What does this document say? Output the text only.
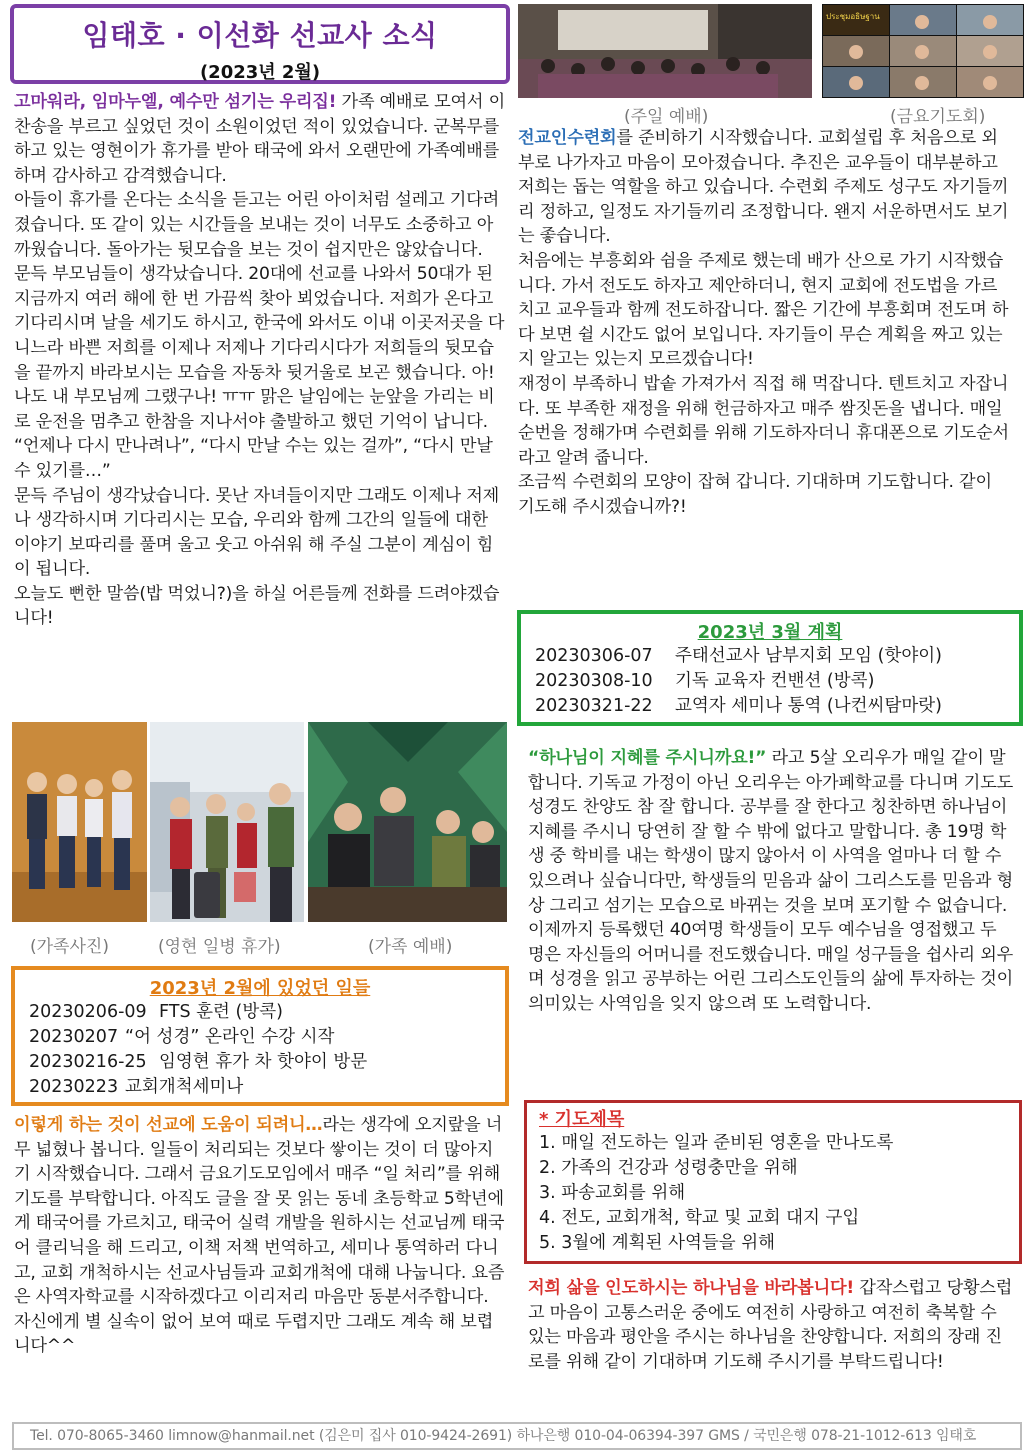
임태호 · 이선화 선교사 소식
(2023년 2월)

고마워라, 임마누엘, 예수만 섬기는 우리집! 가족 예배로 모여서 이 찬송을 부르고 싶었던 것이 소원이었던 적이 있었습니다. 군복무를 하고 있는 영현이가 휴가를 받아 태국에 와서 오랜만에 가족예배를 하며 감사하고 감격했습니다.

아들이 휴가를 온다는 소식을 듣고는 어린 아이처럼 설레고 기다려졌습니다. 또 같이 있는 시간들을 보내는 것이 너무도 소중하고 아까웠습니다. 돌아가는 뒷모습을 보는 것이 쉽지만은 않았습니다.

문득 부모님들이 생각났습니다. 20대에 선교를 나와서 50대가 된 지금까지 여러 해에 한 번 가끔씩 찾아 뵈었습니다. 저희가 온다고 기다리시며 날을 세기도 하시고, 한국에 와서도 이내 이곳저곳을 다니느라 바쁜 저희를 이제나 저제나 기다리시다가 저희들의 뒷모습을 끝까지 바라보시는 모습을 자동차 뒷거울로 보곤 했습니다. 아! 나도 내 부모님께 그랬구나! ㅠㅠ 맑은 날임에는 눈앞을 가리는 비로 운전을 멈추고 한참을 지나서야 출발하고 했던 기억이 납니다. “언제나 다시 만나려나”, “다시 만날 수는 있는 걸까”, “다시 만날 수 있기를…”

문득 주님이 생각났습니다. 못난 자녀들이지만 그래도 이제나 저제나 생각하시며 기다리시는 모습, 우리와 함께 그간의 일들에 대한 이야기 보따리를 풀며 울고 웃고 아쉬워 해 주실 그분이 계심이 힘이 됩니다.

오늘도 뻔한 말씀(밥 먹었니?)을 하실 어른들께 전화를 드려야겠습니다!

(가족사진)	(영현 일병 휴가)	(가족 예배)
2023년 2월에 있었던 일들
20230206-09 FTS 훈련 (방콕)
20230207 “어 성경” 온라인 수강 시작
20230216-25 임영현 휴가 차 핫야이 방문
20230223 교회개척세미나

이렇게 하는 것이 선교에 도움이 되려니…라는 생각에 오지랖을 너무 넓혔나 봅니다. 일들이 처리되는 것보다 쌓이는 것이 더 많아지기 시작했습니다. 그래서 금요기도모임에서 매주 “일 처리”를 위해 기도를 부탁합니다. 아직도 글을 잘 못 읽는 동네 초등학교 5학년에게 태국어를 가르치고, 태국어 실력 개발을 원하시는 선교님께 태국어 클리닉을 해 드리고, 이책 저책 번역하고, 세미나 통역하러 다니고, 교회 개척하시는 선교사님들과 교회개척에 대해 나눕니다. 요즘은 사역자학교를 시작하겠다고 이리저리 마음만 동분서주합니다. 자신에게 별 실속이 없어 보여 때로 두렵지만 그래도 계속 해 보렵니다^^

ประชุมอธิษฐาน
(주일 예배)	(금요기도회)

전교인수련회를 준비하기 시작했습니다. 교회설립 후 처음으로 외부로 나가자고 마음이 모아졌습니다. 추진은 교우들이 대부분하고 저희는 돕는 역할을 하고 있습니다. 수련회 주제도 성구도 자기들끼리 정하고, 일정도 자기들끼리 조정합니다. 왠지 서운하면서도 보기는 좋습니다.

처음에는 부흥회와 쉼을 주제로 했는데 배가 산으로 가기 시작했습니다. 가서 전도도 하자고 제안하더니, 현지 교회에 전도법을 가르치고 교우들과 함께 전도하잡니다. 짧은 기간에 부흥회며 전도며 하다 보면 쉴 시간도 없어 보입니다. 자기들이 무슨 계획을 짜고 있는지 알고는 있는지 모르겠습니다!

재정이 부족하니 밥솥 가져가서 직접 해 먹잡니다. 텐트치고 자잡니다. 또 부족한 재정을 위해 헌금하자고 매주 쌈짓돈을 냅니다. 매일 순번을 정해가며 수련회를 위해 기도하자더니 휴대폰으로 기도순서라고 알려 줍니다.

조금씩 수련회의 모양이 잡혀 갑니다. 기대하며 기도합니다. 같이 기도해 주시겠습니까?!

2023년 3월 계획
20230306-07 주태선교사 남부지회 모임 (핫야이)
20230308-10 기독 교육자 컨밴션 (방콕)
20230321-22 교역자 세미나 통역 (나컨씨탐마랏)

“하나님이 지혜를 주시니까요!” 라고 5살 오리우가 매일 같이 말합니다. 기독교 가정이 아닌 오리우는 아가페학교를 다니며 기도도 성경도 찬양도 참 잘 합니다. 공부를 잘 한다고 칭찬하면 하나님이 지혜를 주시니 당연히 잘 할 수 밖에 없다고 말합니다. 총 19명 학생 중 학비를 내는 학생이 많지 않아서 이 사역을 얼마나 더 할 수 있으려나 싶습니다만, 학생들의 믿음과 삶이 그리스도를 믿음과 형상 그리고 섬기는 모습으로 바뀌는 것을 보며 포기할 수 없습니다.

이제까지 등록했던 40여명 학생들이 모두 예수님을 영접했고 두 명은 자신들의 어머니를 전도했습니다. 매일 성구들을 쉽사리 외우며 성경을 읽고 공부하는 어린 그리스도인들의 삶에 투자하는 것이 의미있는 사역임을 잊지 않으려 또 노력합니다.

* 기도제목
1. 매일 전도하는 일과 준비된 영혼을 만나도록
2. 가족의 건강과 성령충만을 위해
3. 파송교회를 위해
4. 전도, 교회개척, 학교 및 교회 대지 구입
5. 3월에 계획된 사역들을 위해

저희 삶을 인도하시는 하나님을 바라봅니다! 갑작스럽고 당황스럽고 마음이 고통스러운 중에도 여전히 사랑하고 여전히 축복할 수 있는 마음과 평안을 주시는 하나님을 찬양합니다. 저희의 장래 진로를 위해 같이 기대하며 기도해 주시기를 부탁드립니다!

Tel. 070-8065-3460 limnow@hanmail.net (김은미 집사 010-9424-2691) 하나은행 010-04-06394-397 GMS / 국민은행 078-21-1012-613 임태호
